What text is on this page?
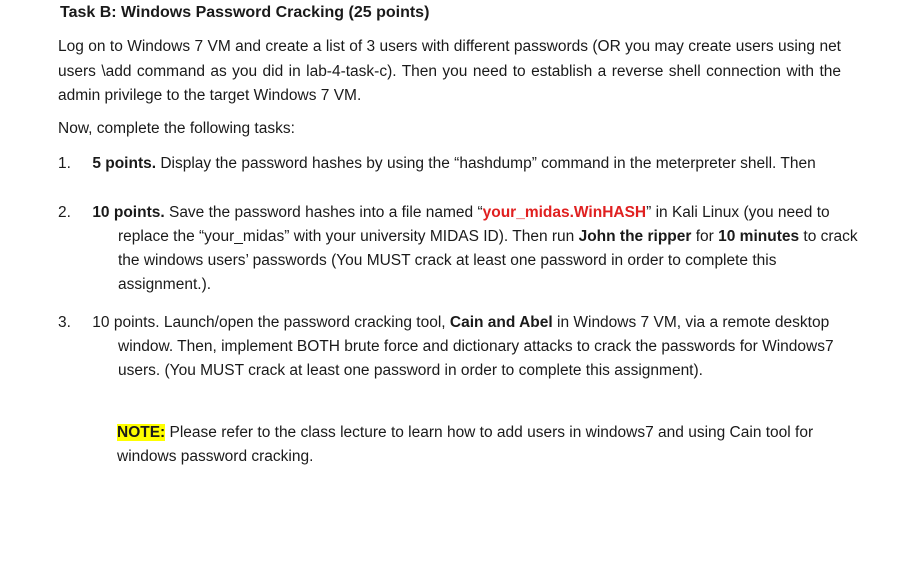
Task B: Windows Password Cracking (25 points)
Log on to Windows 7 VM and create a list of 3 users with different passwords (OR you may create users using net users \add command as you did in lab-4-task-c). Then you need to establish a reverse shell connection with the admin privilege to the target Windows 7 VM.
Now, complete the following tasks:
1. 5 points. Display the password hashes by using the “hashdump” command in the meterpreter shell. Then
2. 10 points. Save the password hashes into a file named “your_midas.WinHASH” in Kali Linux (you need to replace the “your_midas” with your university MIDAS ID). Then run John the ripper for 10 minutes to crack the windows users’ passwords (You MUST crack at least one password in order to complete this assignment.).
3. 10 points. Launch/open the password cracking tool, Cain and Abel in Windows 7 VM, via a remote desktop window. Then, implement BOTH brute force and dictionary attacks to crack the passwords for Windows7 users. (You MUST crack at least one password in order to complete this assignment).
NOTE: Please refer to the class lecture to learn how to add users in windows7 and using Cain tool for windows password cracking.
